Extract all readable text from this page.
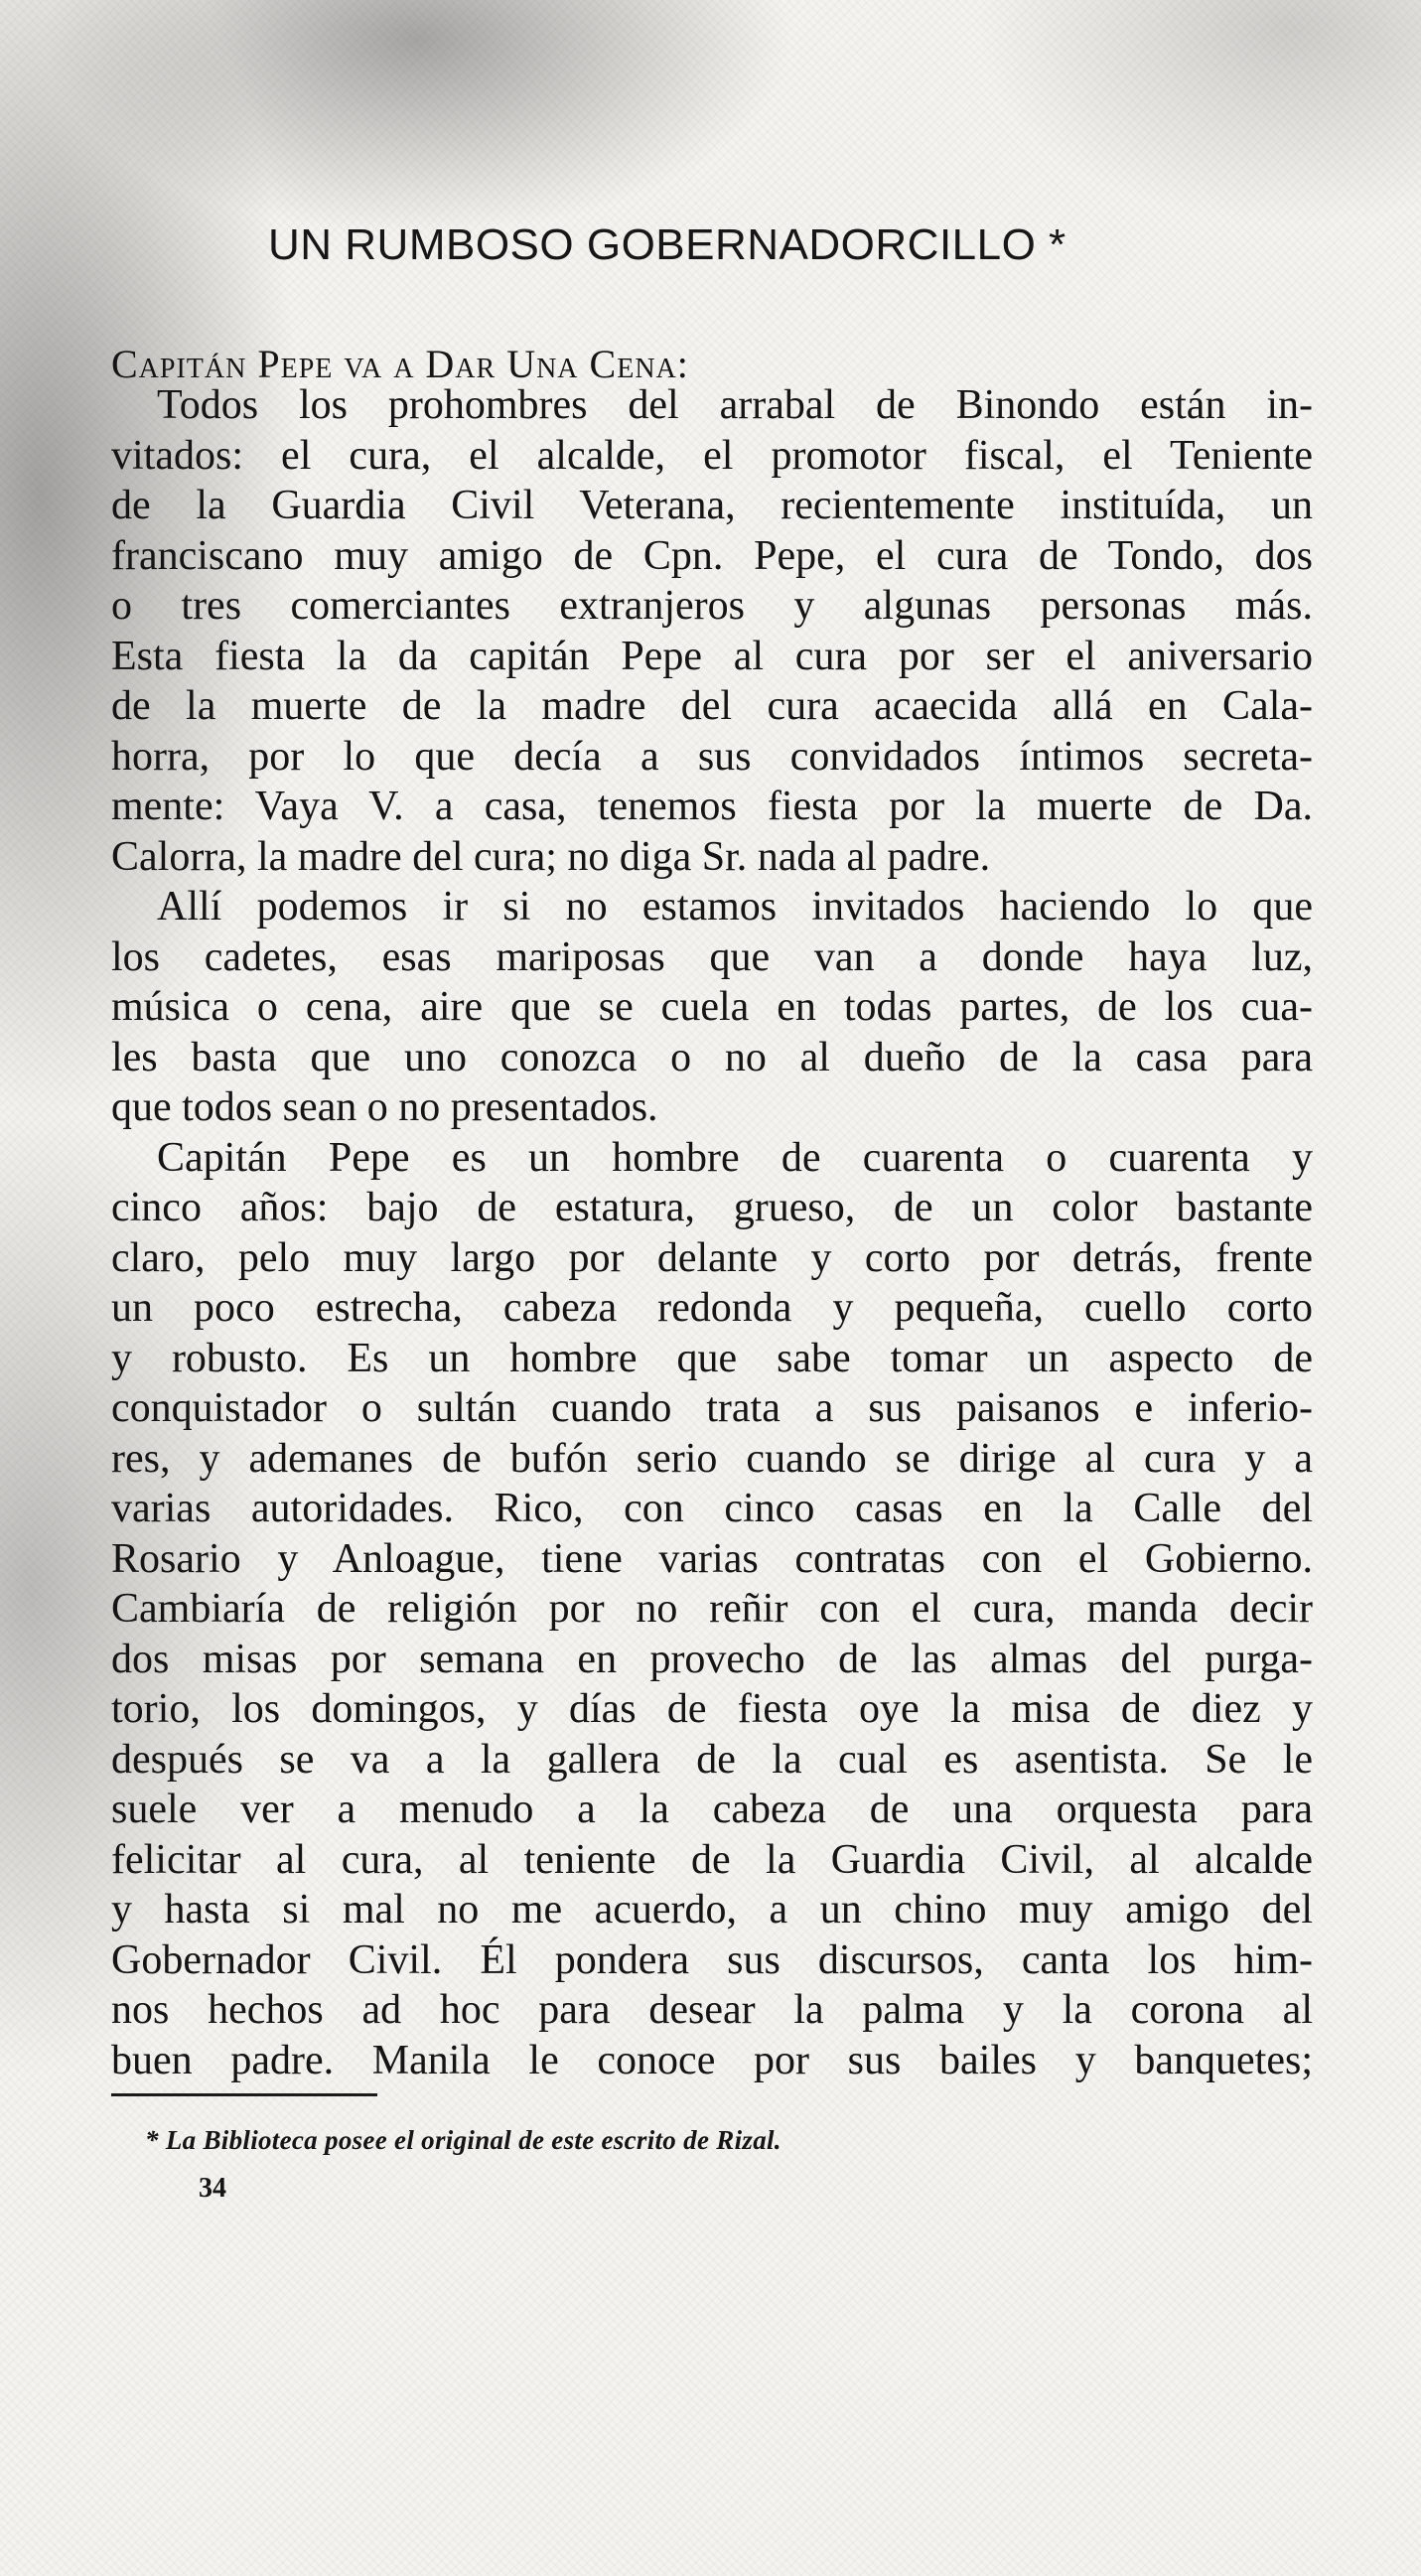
UN RUMBOSO GOBERNADORCILLO *
Capitán Pepe va a Dar Una Cena:
Todos los prohombres del arrabal de Binondo están in-
vitados: el cura, el alcalde, el promotor fiscal, el Teniente
de la Guardia Civil Veterana, recientemente instituída, un
franciscano muy amigo de Cpn. Pepe, el cura de Tondo, dos
o tres comerciantes extranjeros y algunas personas más.
Esta fiesta la da capitán Pepe al cura por ser el aniversario
de la muerte de la madre del cura acaecida allá en Cala-
horra, por lo que decía a sus convidados íntimos secreta-
mente: Vaya V. a casa, tenemos fiesta por la muerte de Da.
Calorra, la madre del cura; no diga Sr. nada al padre.
Allí podemos ir si no estamos invitados haciendo lo que
los cadetes, esas mariposas que van a donde haya luz,
música o cena, aire que se cuela en todas partes, de los cua-
les basta que uno conozca o no al dueño de la casa para
que todos sean o no presentados.
Capitán Pepe es un hombre de cuarenta o cuarenta y
cinco años: bajo de estatura, grueso, de un color bastante
claro, pelo muy largo por delante y corto por detrás, frente
un poco estrecha, cabeza redonda y pequeña, cuello corto
y robusto. Es un hombre que sabe tomar un aspecto de
conquistador o sultán cuando trata a sus paisanos e inferio-
res, y ademanes de bufón serio cuando se dirige al cura y a
varias autoridades. Rico, con cinco casas en la Calle del
Rosario y Anloague, tiene varias contratas con el Gobierno.
Cambiaría de religión por no reñir con el cura, manda decir
dos misas por semana en provecho de las almas del purga-
torio, los domingos, y días de fiesta oye la misa de diez y
después se va a la gallera de la cual es asentista. Se le
suele ver a menudo a la cabeza de una orquesta para
felicitar al cura, al teniente de la Guardia Civil, al alcalde
y hasta si mal no me acuerdo, a un chino muy amigo del
Gobernador Civil. Él pondera sus discursos, canta los him-
nos hechos ad hoc para desear la palma y la corona al
buen padre. Manila le conoce por sus bailes y banquetes;
* La Biblioteca posee el original de este escrito de Rizal.
34
